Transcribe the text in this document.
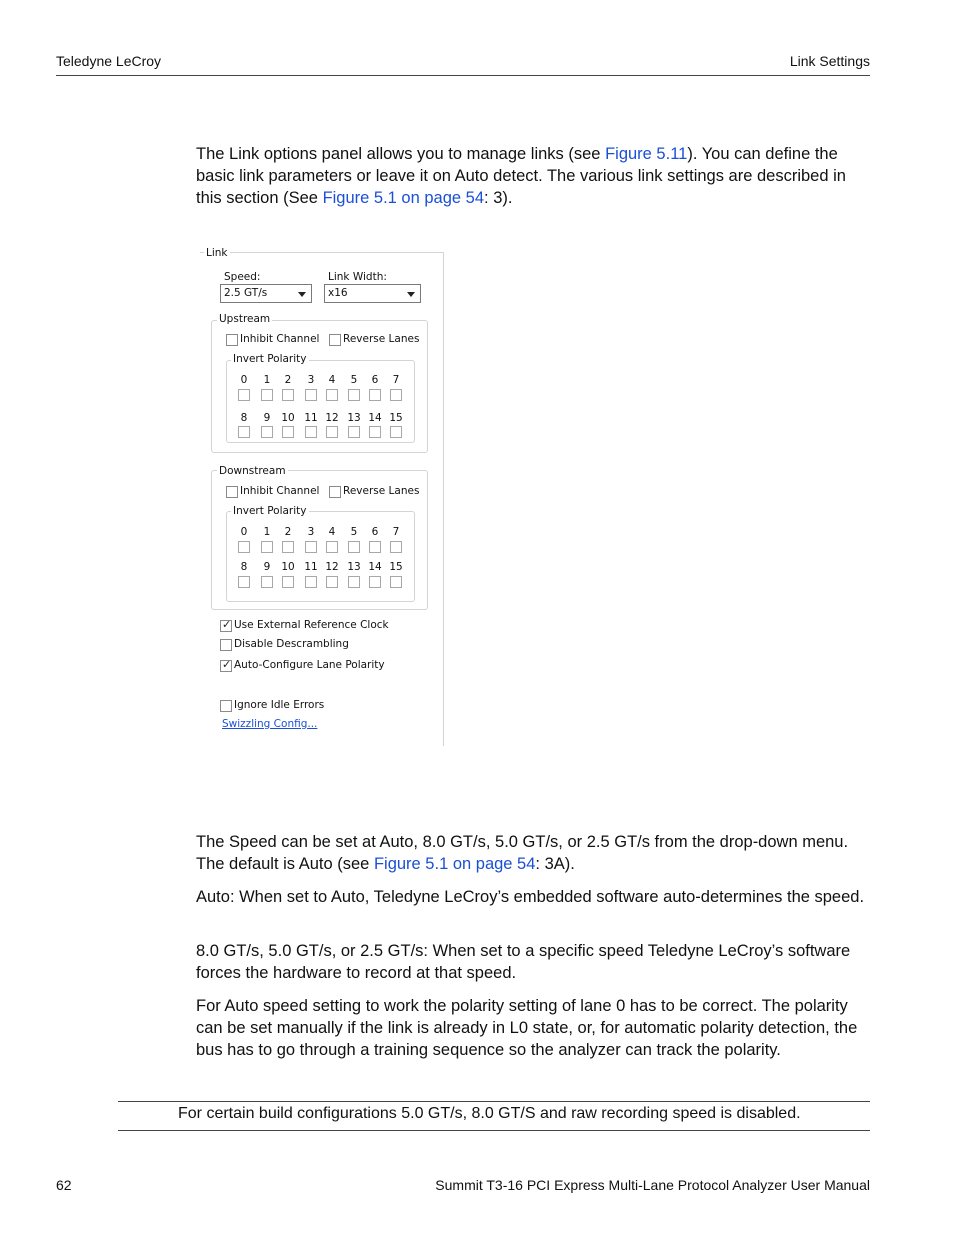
Teledyne LeCroy	Link Settings

The Link options panel allows you to manage links (see Figure 5.11). You can define the basic link parameters or leave it on Auto detect. The various link settings are described in this section (See Figure 5.1 on page 54: 3).

Link
Speed:
2.5 GT/s
Link Width:
x16
Upstream
Inhibit Channel Reverse Lanes
Invert Polarity
0	1	2	3	4	5	6	7
8	9	10 11 12 13 14 15
Downstream
Inhibit Channel Reverse Lanes
Invert Polarity
0	1	2	3	4	5	6	7
8	9	10 11 12 13 14 15
✓
Use External Reference Clock
Disable Descrambling
✓
Auto-Configure Lane Polarity
Ignore Idle Errors
Swizzling Config...

The Speed can be set at Auto, 8.0 GT/s, 5.0 GT/s, or 2.5 GT/s from the drop-down menu. The default is Auto (see Figure 5.1 on page 54: 3A).

Auto: When set to Auto, Teledyne LeCroy’s embedded software auto-determines the speed.

8.0 GT/s, 5.0 GT/s, or 2.5 GT/s: When set to a specific speed Teledyne LeCroy’s software forces the hardware to record at that speed.

For Auto speed setting to work the polarity setting of lane 0 has to be correct. The polarity can be set manually if the link is already in L0 state, or, for automatic polarity detection, the bus has to go through a training sequence so the analyzer can track the polarity.

For certain build configurations 5.0 GT/s, 8.0 GT/S and raw recording speed is disabled.
62	Summit T3-16 PCI Express Multi-Lane Protocol Analyzer User Manual
